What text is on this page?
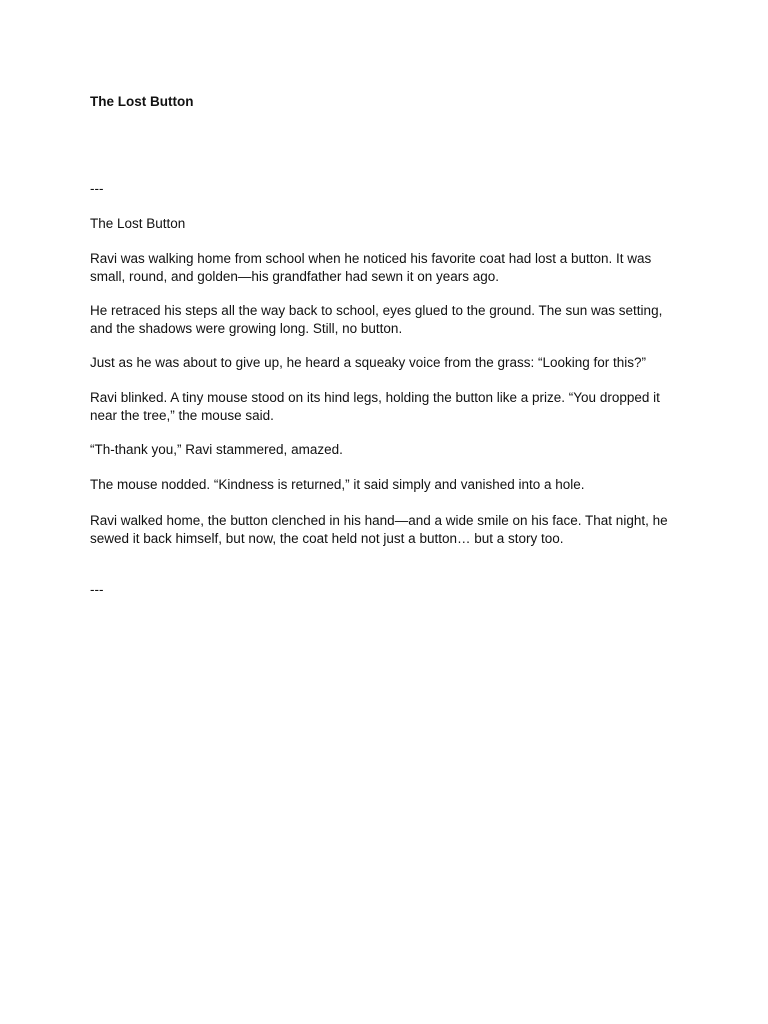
The Lost Button

---

The Lost Button

Ravi was walking home from school when he noticed his favorite coat had lost a button. It was small, round, and golden—his grandfather had sewn it on years ago.

He retraced his steps all the way back to school, eyes glued to the ground. The sun was setting, and the shadows were growing long. Still, no button.

Just as he was about to give up, he heard a squeaky voice from the grass: “Looking for this?”

Ravi blinked. A tiny mouse stood on its hind legs, holding the button like a prize. “You dropped it near the tree,” the mouse said.

“Th-thank you,” Ravi stammered, amazed.

The mouse nodded. “Kindness is returned,” it said simply and vanished into a hole.

Ravi walked home, the button clenched in his hand—and a wide smile on his face. That night, he sewed it back himself, but now, the coat held not just a button… but a story too.

---
